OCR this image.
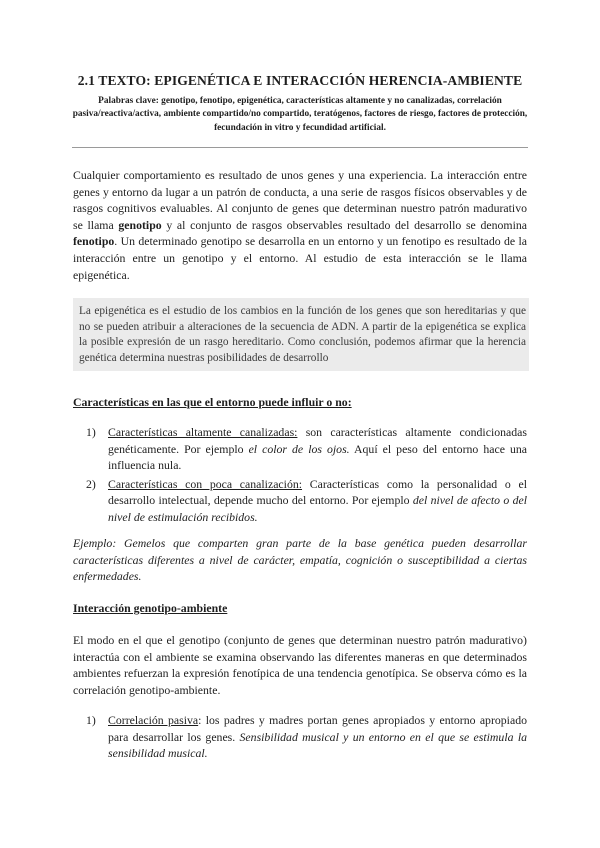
2.1 TEXTO: EPIGENÉTICA E INTERACCIÓN HERENCIA-AMBIENTE
Palabras clave: genotipo, fenotipo, epigenética, características altamente y no canalizadas, correlación pasiva/reactiva/activa, ambiente compartido/no compartido, teratógenos, factores de riesgo, factores de protección, fecundación in vitro y fecundidad artificial.
Cualquier comportamiento es resultado de unos genes y una experiencia. La interacción entre genes y entorno da lugar a un patrón de conducta, a una serie de rasgos físicos observables y de rasgos cognitivos evaluables. Al conjunto de genes que determinan nuestro patrón madurativo se llama genotipo y al conjunto de rasgos observables resultado del desarrollo se denomina fenotipo. Un determinado genotipo se desarrolla en un entorno y un fenotipo es resultado de la interacción entre un genotipo y el entorno. Al estudio de esta interacción se le llama epigenética.
La epigenética es el estudio de los cambios en la función de los genes que son hereditarias y que no se pueden atribuir a alteraciones de la secuencia de ADN. A partir de la epigenética se explica la posible expresión de un rasgo hereditario. Como conclusión, podemos afirmar que la herencia genética determina nuestras posibilidades de desarrollo
Características en las que el entorno puede influir o no:
1) Características altamente canalizadas: son características altamente condicionadas genéticamente. Por ejemplo el color de los ojos. Aquí el peso del entorno hace una influencia nula.
2) Características con poca canalización: Características como la personalidad o el desarrollo intelectual, depende mucho del entorno. Por ejemplo del nivel de afecto o del nivel de estimulación recibidos.
Ejemplo: Gemelos que comparten gran parte de la base genética pueden desarrollar características diferentes a nivel de carácter, empatía, cognición o susceptibilidad a ciertas enfermedades.
Interacción genotipo-ambiente
El modo en el que el genotipo (conjunto de genes que determinan nuestro patrón madurativo) interactúa con el ambiente se examina observando las diferentes maneras en que determinados ambientes refuerzan la expresión fenotípica de una tendencia genotípica. Se observa cómo es la correlación genotipo-ambiente.
1) Correlación pasiva: los padres y madres portan genes apropiados y entorno apropiado para desarrollar los genes. Sensibilidad musical y un entorno en el que se estimula la sensibilidad musical.
